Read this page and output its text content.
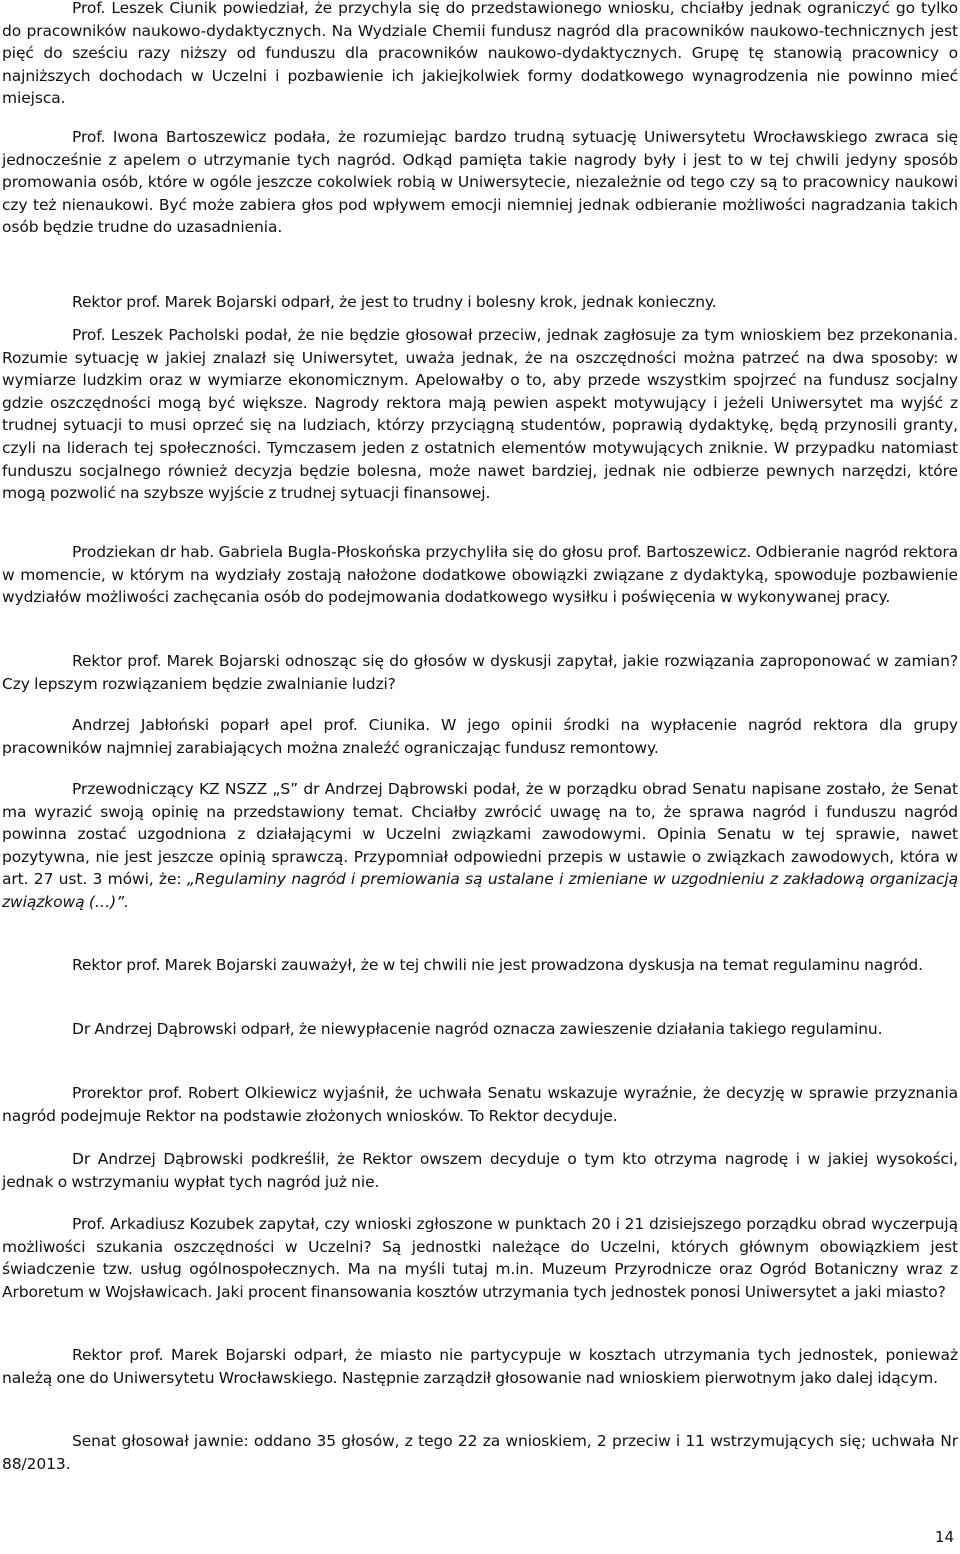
Prof. Leszek Ciunik powiedział, że przychyla się do przedstawionego wniosku, chciałby jednak ograniczyć go tylko do pracowników naukowo-dydaktycznych. Na Wydziale Chemii fundusz nagród dla pracowników naukowo-technicznych jest pięć do sześciu razy niższy od funduszu dla pracowników naukowo-dydaktycznych. Grupę tę stanowią pracownicy o najniższych dochodach w Uczelni i pozbawienie ich jakiejkolwiek formy dodatkowego wynagrodzenia nie powinno mieć miejsca.

Prof. Iwona Bartoszewicz podała, że rozumiejąc bardzo trudną sytuację Uniwersytetu Wrocławskiego zwraca się jednocześnie z apelem o utrzymanie tych nagród. Odkąd pamięta takie nagrody były i jest to w tej chwili jedyny sposób promowania osób, które w ogóle jeszcze cokolwiek robią w Uniwersytecie, niezależnie od tego czy są to pracownicy naukowi czy też nienaukowi. Być może zabiera głos pod wpływem emocji niemniej jednak odbieranie możliwości nagradzania takich osób będzie trudne do uzasadnienia.

Rektor prof. Marek Bojarski odparł, że jest to trudny i bolesny krok, jednak konieczny.

Prof. Leszek Pacholski podał, że nie będzie głosował przeciw, jednak zagłosuje za tym wnioskiem bez przekonania. Rozumie sytuację w jakiej znalazł się Uniwersytet, uważa jednak, że na oszczędności można patrzeć na dwa sposoby: w wymiarze ludzkim oraz w wymiarze ekonomicznym. Apelowałby o to, aby przede wszystkim spojrzeć na fundusz socjalny gdzie oszczędności mogą być większe. Nagrody rektora mają pewien aspekt motywujący i jeżeli Uniwersytet ma wyjść z trudnej sytuacji to musi oprzeć się na ludziach, którzy przyciągną studentów, poprawią dydaktykę, będą przynosili granty, czyli na liderach tej społeczności. Tymczasem jeden z ostatnich elementów motywujących zniknie. W przypadku natomiast funduszu socjalnego również decyzja będzie bolesna, może nawet bardziej, jednak nie odbierze pewnych narzędzi, które mogą pozwolić na szybsze wyjście z trudnej sytuacji finansowej.

Prodziekan dr hab. Gabriela Bugla-Płoskońska przychyliła się do głosu prof. Bartoszewicz. Odbieranie nagród rektora w momencie, w którym na wydziały zostają nałożone dodatkowe obowiązki związane z dydaktyką, spowoduje pozbawienie wydziałów możliwości zachęcania osób do podejmowania dodatkowego wysiłku i poświęcenia w wykonywanej pracy.

Rektor prof. Marek Bojarski odnosząc się do głosów w dyskusji zapytał, jakie rozwiązania zaproponować w zamian? Czy lepszym rozwiązaniem będzie zwalnianie ludzi?

Andrzej Jabłoński poparł apel prof. Ciunika. W jego opinii środki na wypłacenie nagród rektora dla grupy pracowników najmniej zarabiających można znaleźć ograniczając fundusz remontowy.

Przewodniczący KZ NSZZ „S” dr Andrzej Dąbrowski podał, że w porządku obrad Senatu napisane zostało, że Senat ma wyrazić swoją opinię na przedstawiony temat. Chciałby zwrócić uwagę na to, że sprawa nagród i funduszu nagród powinna zostać uzgodniona z działającymi w Uczelni związkami zawodowymi. Opinia Senatu w tej sprawie, nawet pozytywna, nie jest jeszcze opinią sprawczą. Przypomniał odpowiedni przepis w ustawie o związkach zawodowych, która w art. 27 ust. 3 mówi, że: „Regulaminy nagród i premiowania są ustalane i zmieniane w uzgodnieniu z zakładową organizacją związkową (…)”.

Rektor prof. Marek Bojarski zauważył, że w tej chwili nie jest prowadzona dyskusja na temat regulaminu nagród.

Dr Andrzej Dąbrowski odparł, że niewypłacenie nagród oznacza zawieszenie działania takiego regulaminu.

Prorektor prof. Robert Olkiewicz wyjaśnił, że uchwała Senatu wskazuje wyraźnie, że decyzję w sprawie przyznania nagród podejmuje Rektor na podstawie złożonych wniosków. To Rektor decyduje.

Dr Andrzej Dąbrowski podkreślił, że Rektor owszem decyduje o tym kto otrzyma nagrodę i w jakiej wysokości, jednak o wstrzymaniu wypłat tych nagród już nie.

Prof. Arkadiusz Kozubek zapytał, czy wnioski zgłoszone w punktach 20 i 21 dzisiejszego porządku obrad wyczerpują możliwości szukania oszczędności w Uczelni? Są jednostki należące do Uczelni, których głównym obowiązkiem jest świadczenie tzw. usług ogólnospołecznych. Ma na myśli tutaj m.in. Muzeum Przyrodnicze oraz Ogród Botaniczny wraz z Arboretum w Wojsławicach. Jaki procent finansowania kosztów utrzymania tych jednostek ponosi Uniwersytet a jaki miasto?

Rektor prof. Marek Bojarski odparł, że miasto nie partycypuje w kosztach utrzymania tych jednostek, ponieważ należą one do Uniwersytetu Wrocławskiego. Następnie zarządził głosowanie nad wnioskiem pierwotnym jako dalej idącym.

Senat głosował jawnie: oddano 35 głosów, z tego 22 za wnioskiem, 2 przeciw i 11 wstrzymujących się; uchwała Nr 88/2013.

14
